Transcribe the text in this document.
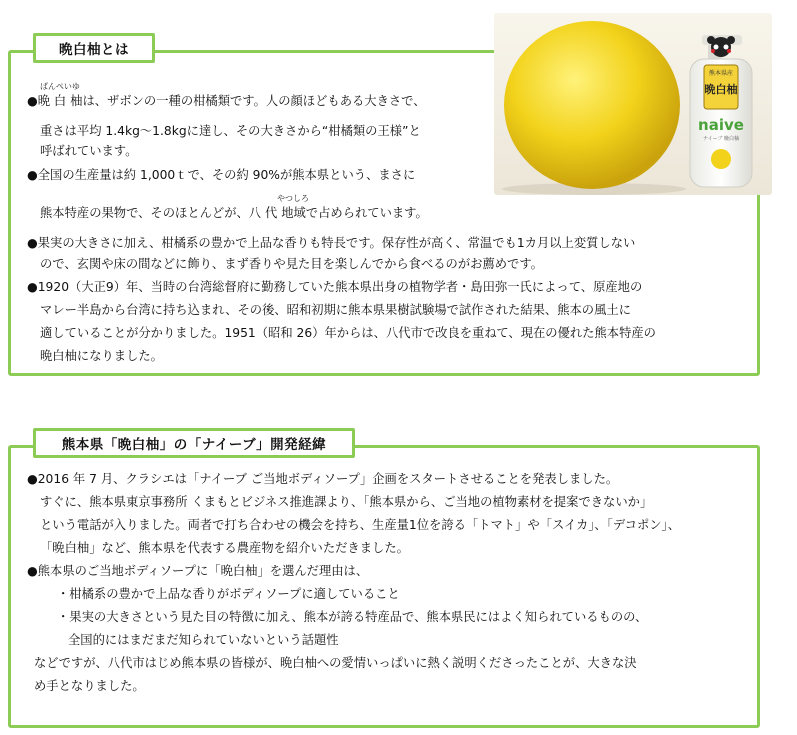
晩白柚とは
ばんぺいゆ
やつしろ
●晩 白 柚は、ザボンの一種の柑橘類です。人の顔ほどもある大きさで、
重さは平均 1.4kg～1.8kgに達し、その大きさから“柑橘類の王様”と
呼ばれています。
●全国の生産量は約 1,000ｔで、その約 90%が熊本県という、まさに
熊本特産の果物で、そのほとんどが、八 代 地域で占められています。
●果実の大きさに加え、柑橘系の豊かで上品な香りも特長です。保存性が高く、常温でも1カ月以上変質しない
ので、玄関や床の間などに飾り、まず香りや見た目を楽しんでから食べるのがお薦めです。
●1920（大正9）年、当時の台湾総督府に勤務していた熊本県出身の植物学者・島田弥一氏によって、原産地の
マレー半島から台湾に持ち込まれ、その後、昭和初期に熊本県果樹試験場で試作された結果、熊本の風土に
適していることが分かりました。1951（昭和 26）年からは、八代市で改良を重ねて、現在の優れた熊本特産の
晩白柚になりました。
熊本県産
晩白柚
naive
ナイーブ 晩白柚
熊本県「晩白柚」の「ナイーブ」開発経緯
●2016 年 7 月、クラシエは「ナイーブ ご当地ボディソープ」企画をスタートさせることを発表しました。
すぐに、熊本県東京事務所 くまもとビジネス推進課より、「熊本県から、ご当地の植物素材を提案できないか」
という電話が入りました。両者で打ち合わせの機会を持ち、生産量1位を誇る「トマト」や「スイカ」、「デコポン」、
「晩白柚」など、熊本県を代表する農産物を紹介いただきました。
●熊本県のご当地ボディソープに「晩白柚」を選んだ理由は、
・柑橘系の豊かで上品な香りがボディソープに適していること
・果実の大きさという見た目の特徴に加え、熊本が誇る特産品で、熊本県民にはよく知られているものの、
全国的にはまだまだ知られていないという話題性
などですが、八代市はじめ熊本県の皆様が、晩白柚への愛情いっぱいに熱く説明くださったことが、大きな決
め手となりました。
